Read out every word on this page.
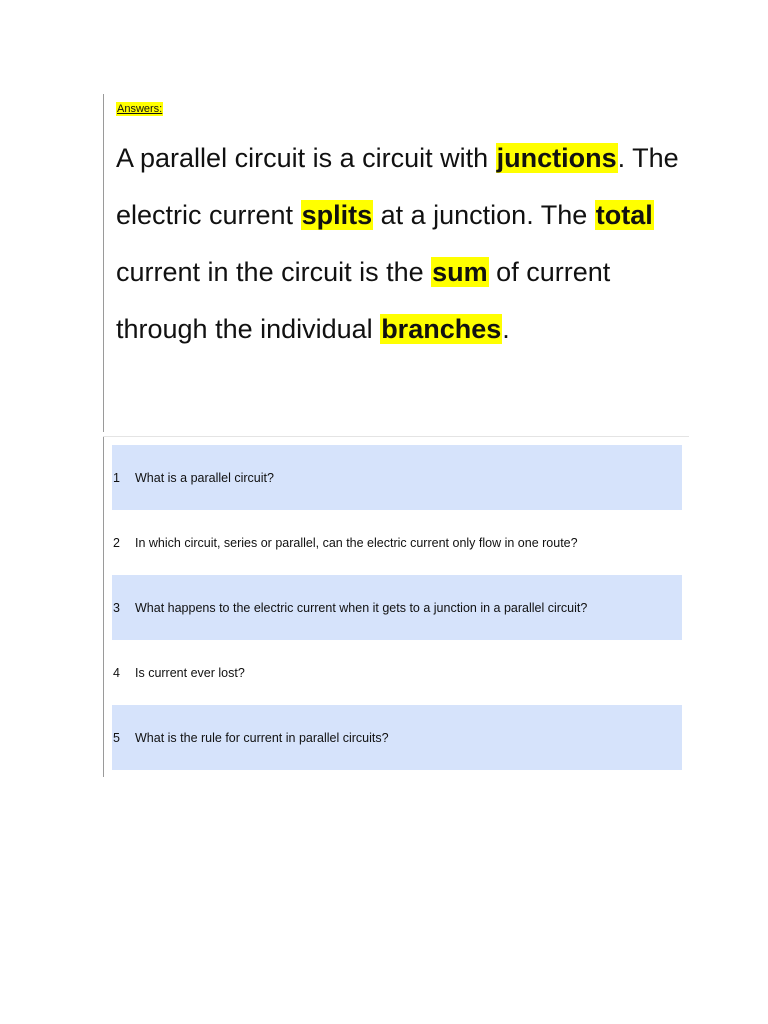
Answers:

A parallel circuit is a circuit with junctions. The electric current splits at a junction. The total current in the circuit is the sum of current through the individual branches.

1	What is a parallel circuit?
2	In which circuit, series or parallel, can the electric current only flow in one route?
3	What happens to the electric current when it gets to a junction in a parallel circuit?
4	Is current ever lost?
5	What is the rule for current in parallel circuits?
